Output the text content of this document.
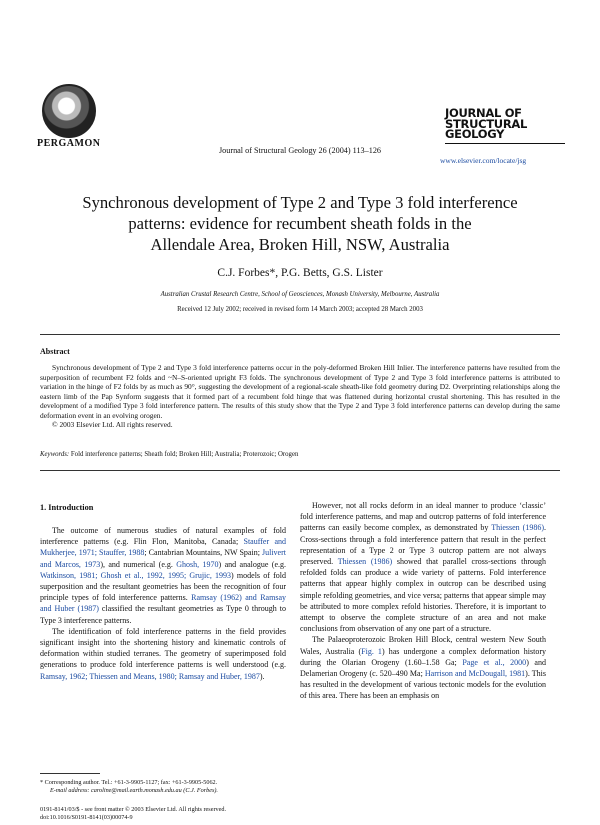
PERGAMON
Journal of Structural Geology 26 (2004) 113–126
JOURNAL OF
STRUCTURAL
GEOLOGY
www.elsevier.com/locate/jsg
Synchronous development of Type 2 and Type 3 fold interference
patterns: evidence for recumbent sheath folds in the
Allendale Area, Broken Hill, NSW, Australia
C.J. Forbes*, P.G. Betts, G.S. Lister
Australian Crustal Research Centre, School of Geosciences, Monash University, Melbourne, Australia
Received 12 July 2002; received in revised form 14 March 2003; accepted 28 March 2003
Abstract
Synchronous development of Type 2 and Type 3 fold interference patterns occur in the poly-deformed Broken Hill Inlier. The interference patterns have resulted from the superposition of recumbent F2 folds and ~N–S-oriented upright F3 folds. The synchronous development of Type 2 and Type 3 fold interference patterns is attributed to variation in the hinge of F2 folds by as much as 90°, suggesting the development of a regional-scale sheath-like fold geometry during D2. Overprinting relationships along the eastern limb of the Pap Synform suggests that it formed part of a recumbent fold hinge that was flattened during horizontal crustal shortening. This has resulted in the development of a modified Type 3 fold interference pattern. The results of this study show that the Type 2 and Type 3 fold interference patterns can develop during the same deformation event in an evolving orogen.
© 2003 Elsevier Ltd. All rights reserved.
Keywords: Fold interference patterns; Sheath fold; Broken Hill; Australia; Proterozoic; Orogen
1. Introduction

The outcome of numerous studies of natural examples of fold interference patterns (e.g. Flin Flon, Manitoba, Canada; Stauffer and Mukherjee, 1971; Stauffer, 1988; Cantabrian Mountains, NW Spain; Julivert and Marcos, 1973), and numerical (e.g. Ghosh, 1970) and analogue (e.g. Watkinson, 1981; Ghosh et al., 1992, 1995; Grujic, 1993) models of fold superposition and the resultant geometries has been the recognition of four principle types of fold interference patterns. Ramsay (1962) and Ramsay and Huber (1987) classified the resultant geometries as Type 0 through to Type 3 interference patterns.

The identification of fold interference patterns in the field provides significant insight into the shortening history and kinematic controls of deformation within studied terranes. The geometry of superimposed fold generations to produce fold interference patterns is well understood (e.g. Ramsay, 1962; Thiessen and Means, 1980; Ramsay and Huber, 1987).

However, not all rocks deform in an ideal manner to produce ‘classic’ fold interference patterns, and map and outcrop patterns of fold interference patterns can easily become complex, as demonstrated by Thiessen (1986). Cross-sections through a fold interference pattern that result in the perfect representation of a Type 2 or Type 3 outcrop pattern are not always preserved. Thiessen (1986) showed that parallel cross-sections through refolded folds can produce a wide variety of patterns. Fold interference patterns that appear highly complex in outcrop can be described using simple refolding geometries, and vice versa; patterns that appear simple may be attributed to more complex refold histories. Therefore, it is important to attempt to observe the complete structure of an area and not make conclusions from observation of any one part of a structure.

The Palaeoproterozoic Broken Hill Block, central western New South Wales, Australia (Fig. 1) has undergone a complex deformation history during the Olarian Orogeny (1.60–1.58 Ga; Page et al., 2000) and Delamerian Orogeny (c. 520–490 Ma; Harrison and McDougall, 1981). This has resulted in the development of various tectonic models for the evolution of this area. There has been an emphasis on

* Corresponding author. Tel.: +61-3-9905-1127; fax: +61-3-9905-5062.
E-mail address: caroline@mail.earth.monash.edu.au (C.J. Forbes).
0191-8141/03/$ - see front matter © 2003 Elsevier Ltd. All rights reserved.
doi:10.1016/S0191-8141(03)00074-9
